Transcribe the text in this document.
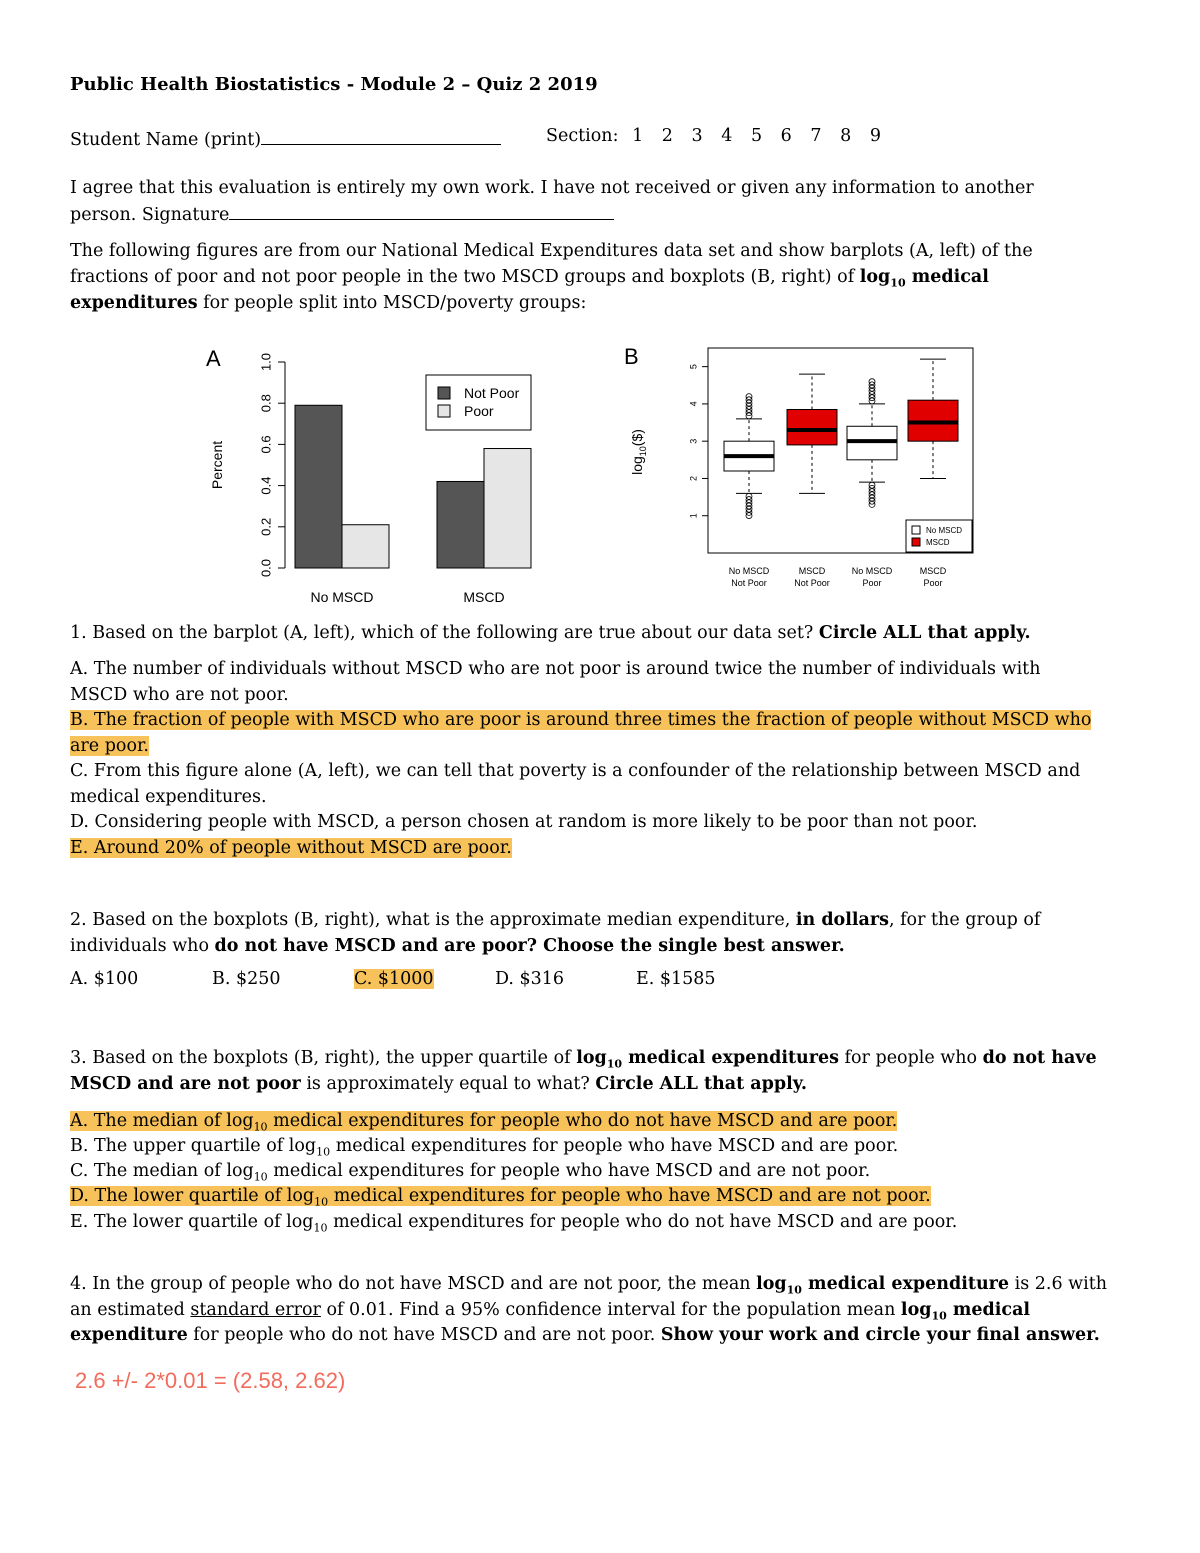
Public Health Biostatistics - Module 2 – Quiz 2 2019
Student Name (print)	Section: 1 2 3 4 5 6 7 8 9
I agree that this evaluation is entirely my own work. I have not received or given any information to another
person. Signature
The following figures are from our National Medical Expenditures data set and show barplots (A, left) of the
fractions of poor and not poor people in the two MSCD groups and boxplots (B, right) of $\log_{10}$ medical
expenditures for people split into MSCD/poverty groups:
A
0.0
0.2
0.4
0.6
0.8
1.0
Percent
No MSCD	MSCD
Not Poor
Poor
B
1
2
3
4
5
$\log_{10}(\$)$
No MSCD
Not Poor
MSCD
Not Poor
No MSCD
Poor
MSCD
Poor
No MSCD
MSCD
1. Based on the barplot (A, left), which of the following are true about our data set? Circle ALL that apply.
A. The number of individuals without MSCD who are not poor is around twice the number of individuals with
MSCD who are not poor.
B. The fraction of people with MSCD who are poor is around three times the fraction of people without MSCD who
are poor.
C. From this figure alone (A, left), we can tell that poverty is a confounder of the relationship between MSCD and
medical expenditures.
D. Considering people with MSCD, a person chosen at random is more likely to be poor than not poor.
E. Around 20% of people without MSCD are poor.
2. Based on the boxplots (B, right), what is the approximate median expenditure, in dollars, for the group of
individuals who do not have MSCD and are poor? Choose the single best answer.
A. $100	B. $250	C. $1000	D. $316	E. $1585
3. Based on the boxplots (B, right), the upper quartile of $\log_{10}$ medical expenditures for people who do not have
MSCD and are not poor is approximately equal to what? Circle ALL that apply.
A. The median of $\log_{10}$ medical expenditures for people who do not have MSCD and are poor.
B. The upper quartile of $\log_{10}$ medical expenditures for people who have MSCD and are poor.
C. The median of $\log_{10}$ medical expenditures for people who have MSCD and are not poor.
D. The lower quartile of $\log_{10}$ medical expenditures for people who have MSCD and are not poor.
E. The lower quartile of $\log_{10}$ medical expenditures for people who do not have MSCD and are poor.
4. In the group of people who do not have MSCD and are not poor, the mean $\log_{10}$ medical expenditure is 2.6 with
an estimated standard error of 0.01. Find a 95% confidence interval for the population mean $\log_{10}$ medical
expenditure for people who do not have MSCD and are not poor. Show your work and circle your final answer.
2.6 +/- 2*0.01 = (2.58, 2.62)
